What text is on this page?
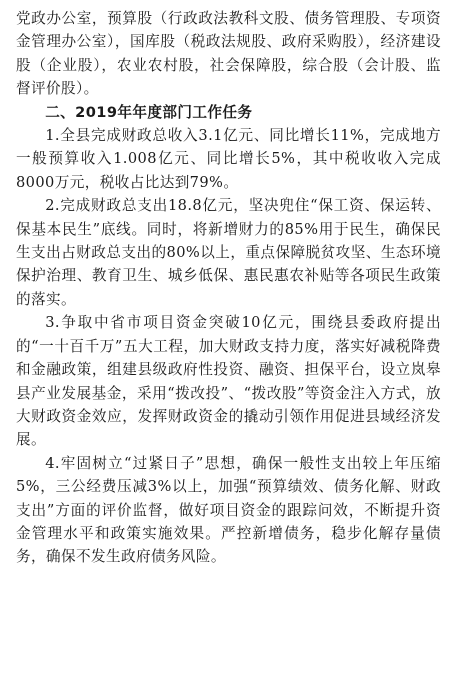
党政办公室，预算股（行政政法教科文股、债务管理股、专项资金管理办公室），国库股（税政法规股、政府采购股），经济建设股（企业股），农业农村股，社会保障股，综合股（会计股、监督评价股）。

二、2019年年度部门工作任务

1.全县完成财政总收入3.1亿元、同比增长11%，完成地方一般预算收入1.008亿元、同比增长5%，其中税收收入完成8000万元，税收占比达到79%。

2.完成财政总支出18.8亿元，坚决兜住“保工资、保运转、保基本民生”底线。同时，将新增财力的85%用于民生，确保民生支出占财政总支出的80%以上，重点保障脱贫攻坚、生态环境保护治理、教育卫生、城乡低保、惠民惠农补贴等各项民生政策的落实。

3.争取中省市项目资金突破10亿元，围绕县委政府提出的“一十百千万”五大工程，加大财政支持力度，落实好减税降费和金融政策，组建县级政府性投资、融资、担保平台，设立岚皋县产业发展基金，采用“拨改投”、“拨改股”等资金注入方式，放大财政资金效应，发挥财政资金的撬动引领作用促进县域经济发展。

4.牢固树立“过紧日子”思想，确保一般性支出较上年压缩5%，三公经费压减3%以上，加强“预算绩效、债务化解、财政支出”方面的评价监督，做好项目资金的跟踪问效，不断提升资金管理水平和政策实施效果。严控新增债务，稳步化解存量债务，确保不发生政府债务风险。
